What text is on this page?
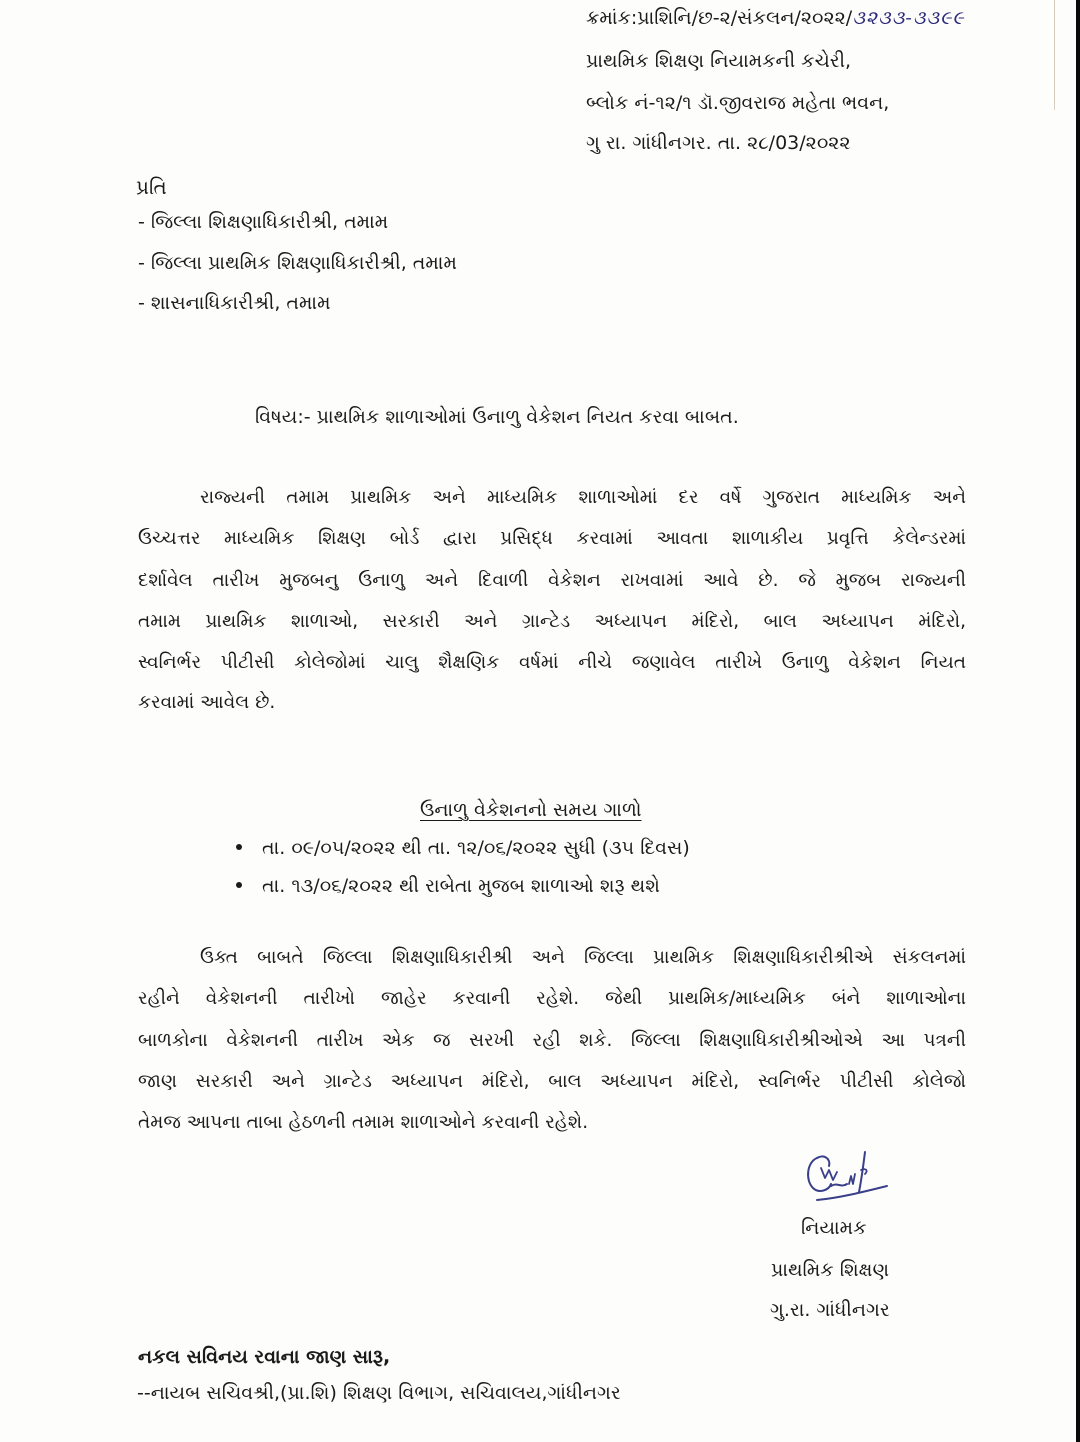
ક્રમાંક:પ્રાશિનિ/છ-૨/સંકલન/૨૦૨૨/૩૨૩૩-૩૩૯૯
પ્રાથમિક શિક્ષણ નિયામકની કચેરી,
બ્લોક નં-૧૨/૧ ડૉ.જીવરાજ મહેતા ભવન,
ગુ રા. ગાંધીનગર. તા. ૨૮/03/૨૦૨૨
પ્રતિ
- જિલ્લા શિક્ષણાધિકારીશ્રી, તમામ
- જિલ્લા પ્રાથમિક શિક્ષણાધિકારીશ્રી, તમામ
- શાસનાધિકારીશ્રી, તમામ
વિષય:- પ્રાથમિક શાળાઓમાં ઉનાળુ વેકેશન નિયત કરવા બાબત.
રાજ્યની તમામ પ્રાથમિક અને માધ્યમિક શાળાઓમાં દર વર્ષે ગુજરાત માધ્યમિક અને
ઉચ્ચત્તર માધ્યમિક શિક્ષણ બોર્ડ દ્વારા પ્રસિદ્ધ કરવામાં આવતા શાળાકીય પ્રવૃત્તિ કેલેન્ડરમાં
દર્શાવેલ તારીખ મુજબનુ ઉનાળુ અને દિવાળી વેકેશન રાખવામાં આવે છે. જે મુજબ રાજ્યની
તમામ પ્રાથમિક શાળાઓ, સરકારી અને ગ્રાન્ટેડ અધ્યાપન મંદિરો, બાલ અધ્યાપન મંદિરો,
સ્વનિર્ભર પીટીસી કોલેજોમાં ચાલુ શૈક્ષણિક વર્ષમાં નીચે જણાવેલ તારીખે ઉનાળુ વેકેશન નિયત
કરવામાં આવેલ છે.
ઉનાળુ વેકેશનનો સમય ગાળો
તા. ૦૯/૦૫/૨૦૨૨ થી તા. ૧૨/૦૬/૨૦૨૨ સુધી (૩૫ દિવસ)
તા. ૧૩/૦૬/૨૦૨૨ થી રાબેતા મુજબ શાળાઓ શરૂ થશે
ઉક્ત બાબતે જિલ્લા શિક્ષણાધિકારીશ્રી અને જિલ્લા પ્રાથમિક શિક્ષણાધિકારીશ્રીએ સંકલનમાં
રહીને વેકેશનની તારીખો જાહેર કરવાની રહેશે. જેથી પ્રાથમિક/માધ્યમિક બંને શાળાઓના
બાળકોના વેકેશનની તારીખ એક જ સરખી રહી શકે. જિલ્લા શિક્ષણાધિકારીશ્રીઓએ આ પત્રની
જાણ સરકારી અને ગ્રાન્ટેડ અધ્યાપન મંદિરો, બાલ અધ્યાપન મંદિરો, સ્વનિર્ભર પીટીસી કોલેજો
તેમજ આપના તાબા હેઠળની તમામ શાળાઓને કરવાની રહેશે.
નિયામક
પ્રાથમિક શિક્ષણ
ગુ.રા. ગાંધીનગર
નકલ સવિનય રવાના જાણ સારૂ,
--નાયબ સચિવશ્રી,(પ્રા.શિ) શિક્ષણ વિભાગ, સચિવાલય,ગાંધીનગર
